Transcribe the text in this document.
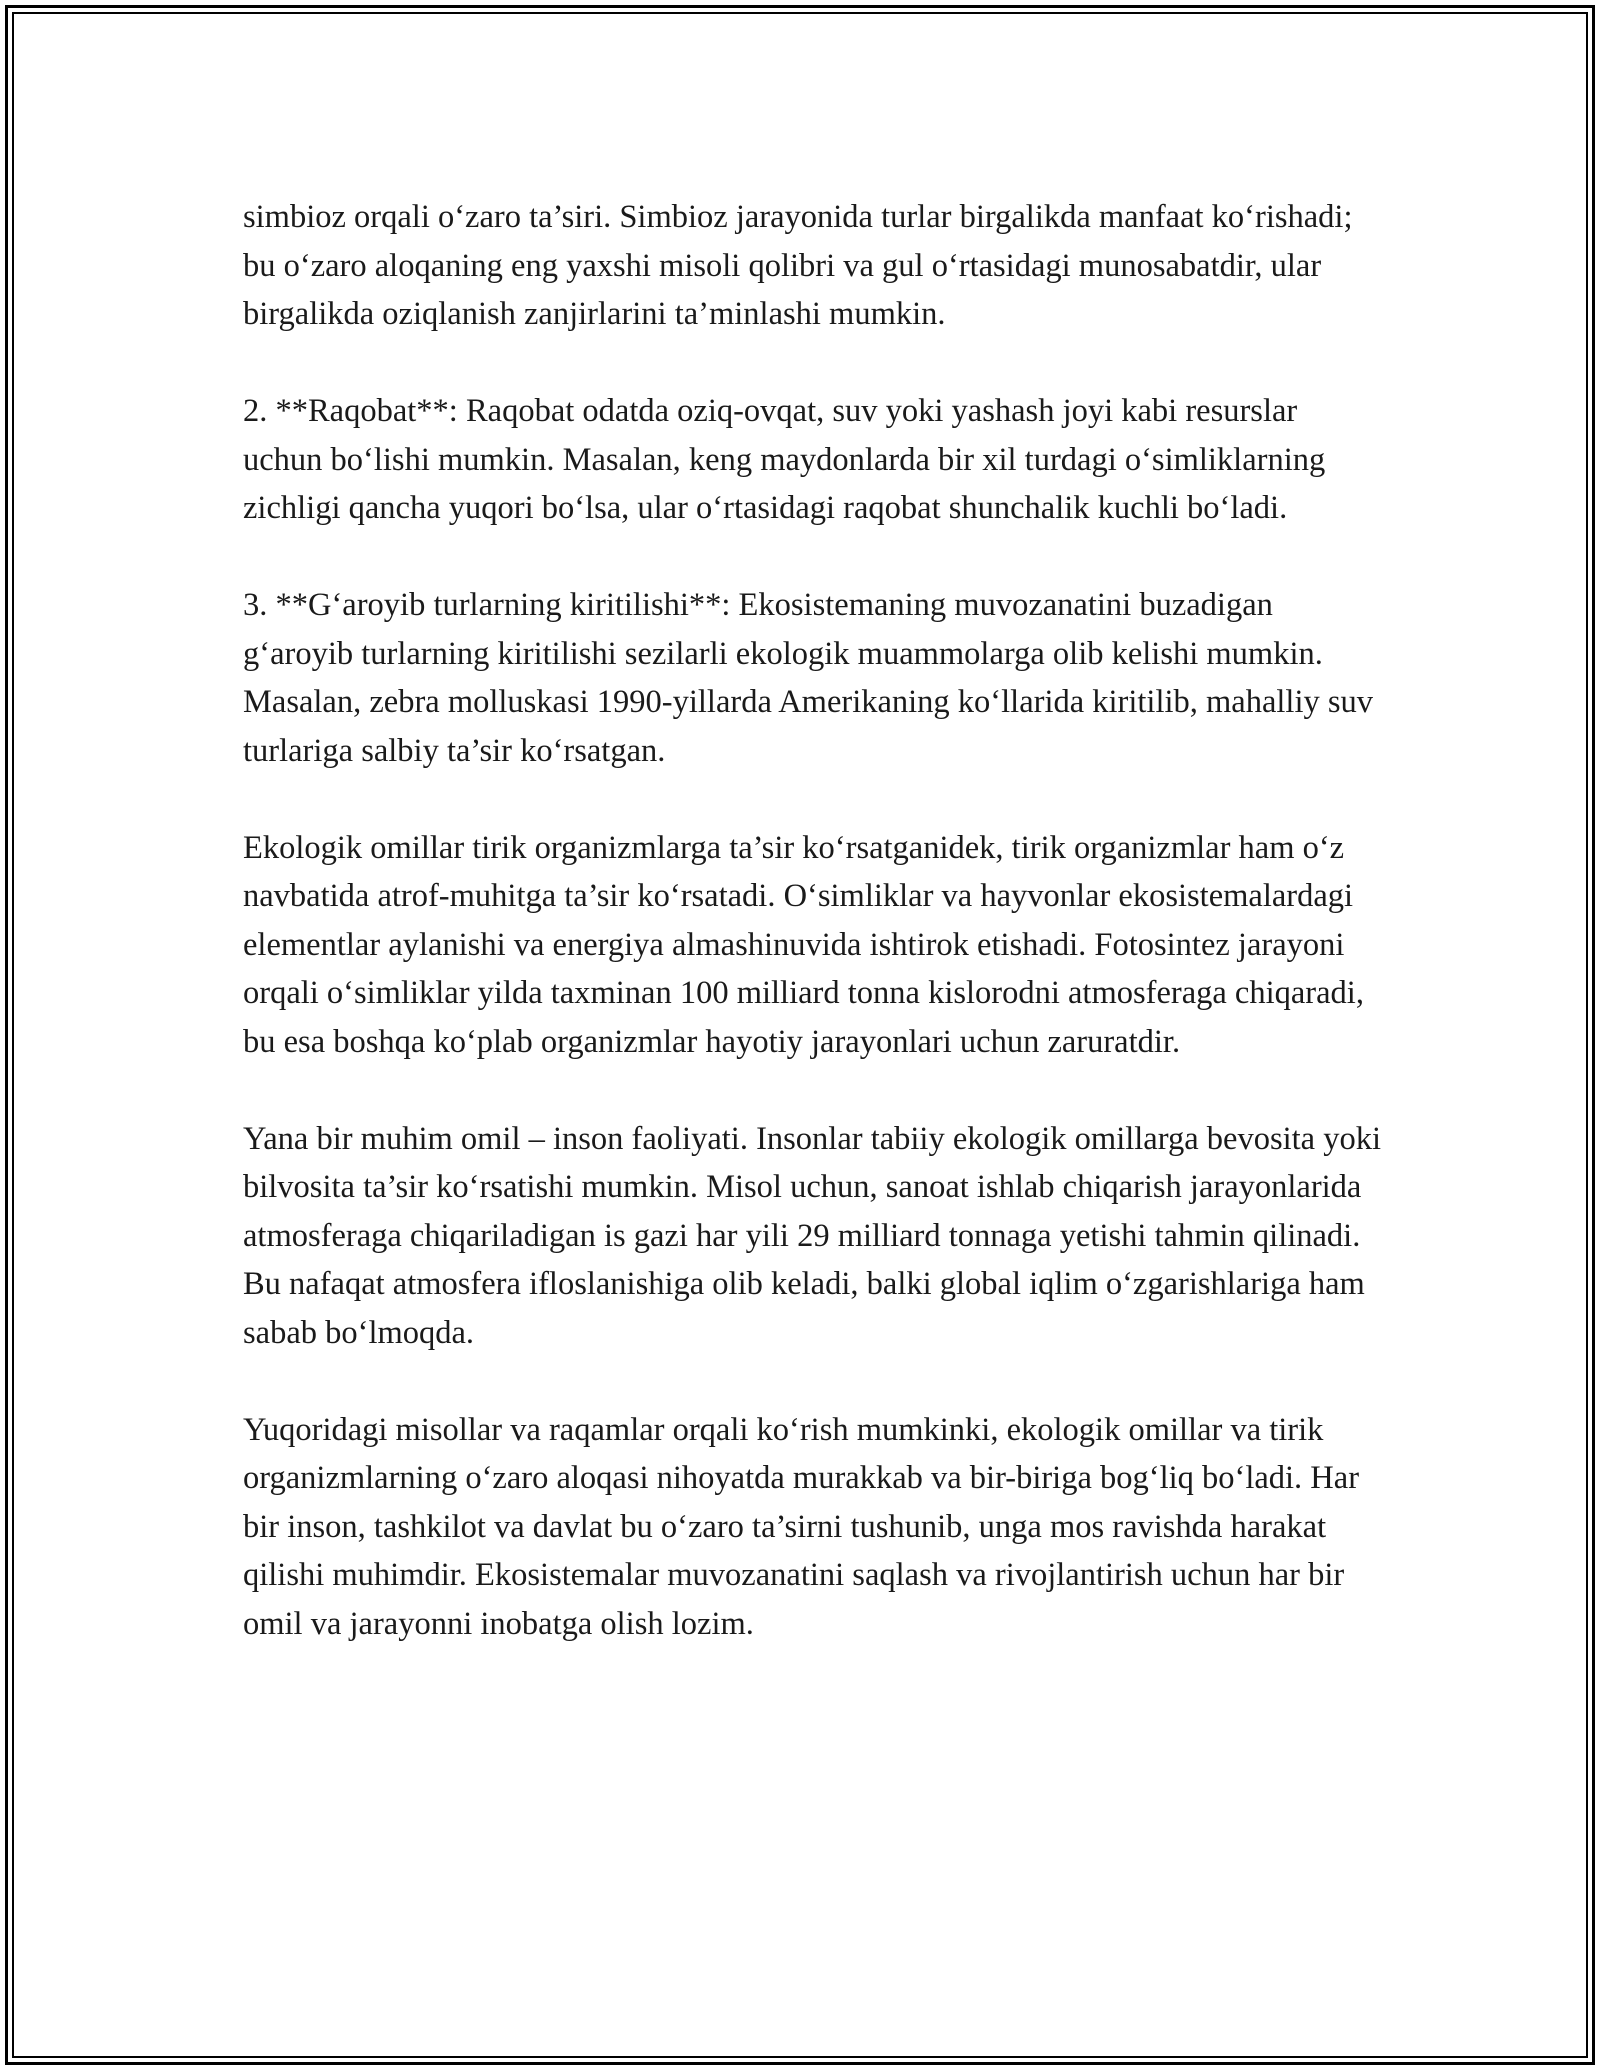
simbioz orqali o‘zaro ta’siri. Simbioz jarayonida turlar birgalikda manfaat ko‘rishadi; bu o‘zaro aloqaning eng yaxshi misoli qolibri va gul o‘rtasidagi munosabatdir, ular birgalikda oziqlanish zanjirlarini ta’minlashi mumkin.

2. **Raqobat**: Raqobat odatda oziq-ovqat, suv yoki yashash joyi kabi resurslar uchun bo‘lishi mumkin. Masalan, keng maydonlarda bir xil turdagi o‘simliklarning zichligi qancha yuqori bo‘lsa, ular o‘rtasidagi raqobat shunchalik kuchli bo‘ladi.

3. **G‘aroyib turlarning kiritilishi**: Ekosistemaning muvozanatini buzadigan g‘aroyib turlarning kiritilishi sezilarli ekologik muammolarga olib kelishi mumkin. Masalan, zebra molluskasi 1990-yillarda Amerikaning ko‘llarida kiritilib, mahalliy suv turlariga salbiy ta’sir ko‘rsatgan.

Ekologik omillar tirik organizmlarga ta’sir ko‘rsatganidek, tirik organizmlar ham o‘z navbatida atrof-muhitga ta’sir ko‘rsatadi. O‘simliklar va hayvonlar ekosistemalardagi elementlar aylanishi va energiya almashinuvida ishtirok etishadi. Fotosintez jarayoni orqali o‘simliklar yilda taxminan 100 milliard tonna kislorodni atmosferaga chiqaradi, bu esa boshqa ko‘plab organizmlar hayotiy jarayonlari uchun zaruratdir.

Yana bir muhim omil – inson faoliyati. Insonlar tabiiy ekologik omillarga bevosita yoki bilvosita ta’sir ko‘rsatishi mumkin. Misol uchun, sanoat ishlab chiqarish jarayonlarida atmosferaga chiqariladigan is gazi har yili 29 milliard tonnaga yetishi tahmin qilinadi. Bu nafaqat atmosfera ifloslanishiga olib keladi, balki global iqlim o‘zgarishlariga ham sabab bo‘lmoqda.

Yuqoridagi misollar va raqamlar orqali ko‘rish mumkinki, ekologik omillar va tirik organizmlarning o‘zaro aloqasi nihoyatda murakkab va bir-biriga bog‘liq bo‘ladi. Har bir inson, tashkilot va davlat bu o‘zaro ta’sirni tushunib, unga mos ravishda harakat qilishi muhimdir. Ekosistemalar muvozanatini saqlash va rivojlantirish uchun har bir omil va jarayonni inobatga olish lozim.
